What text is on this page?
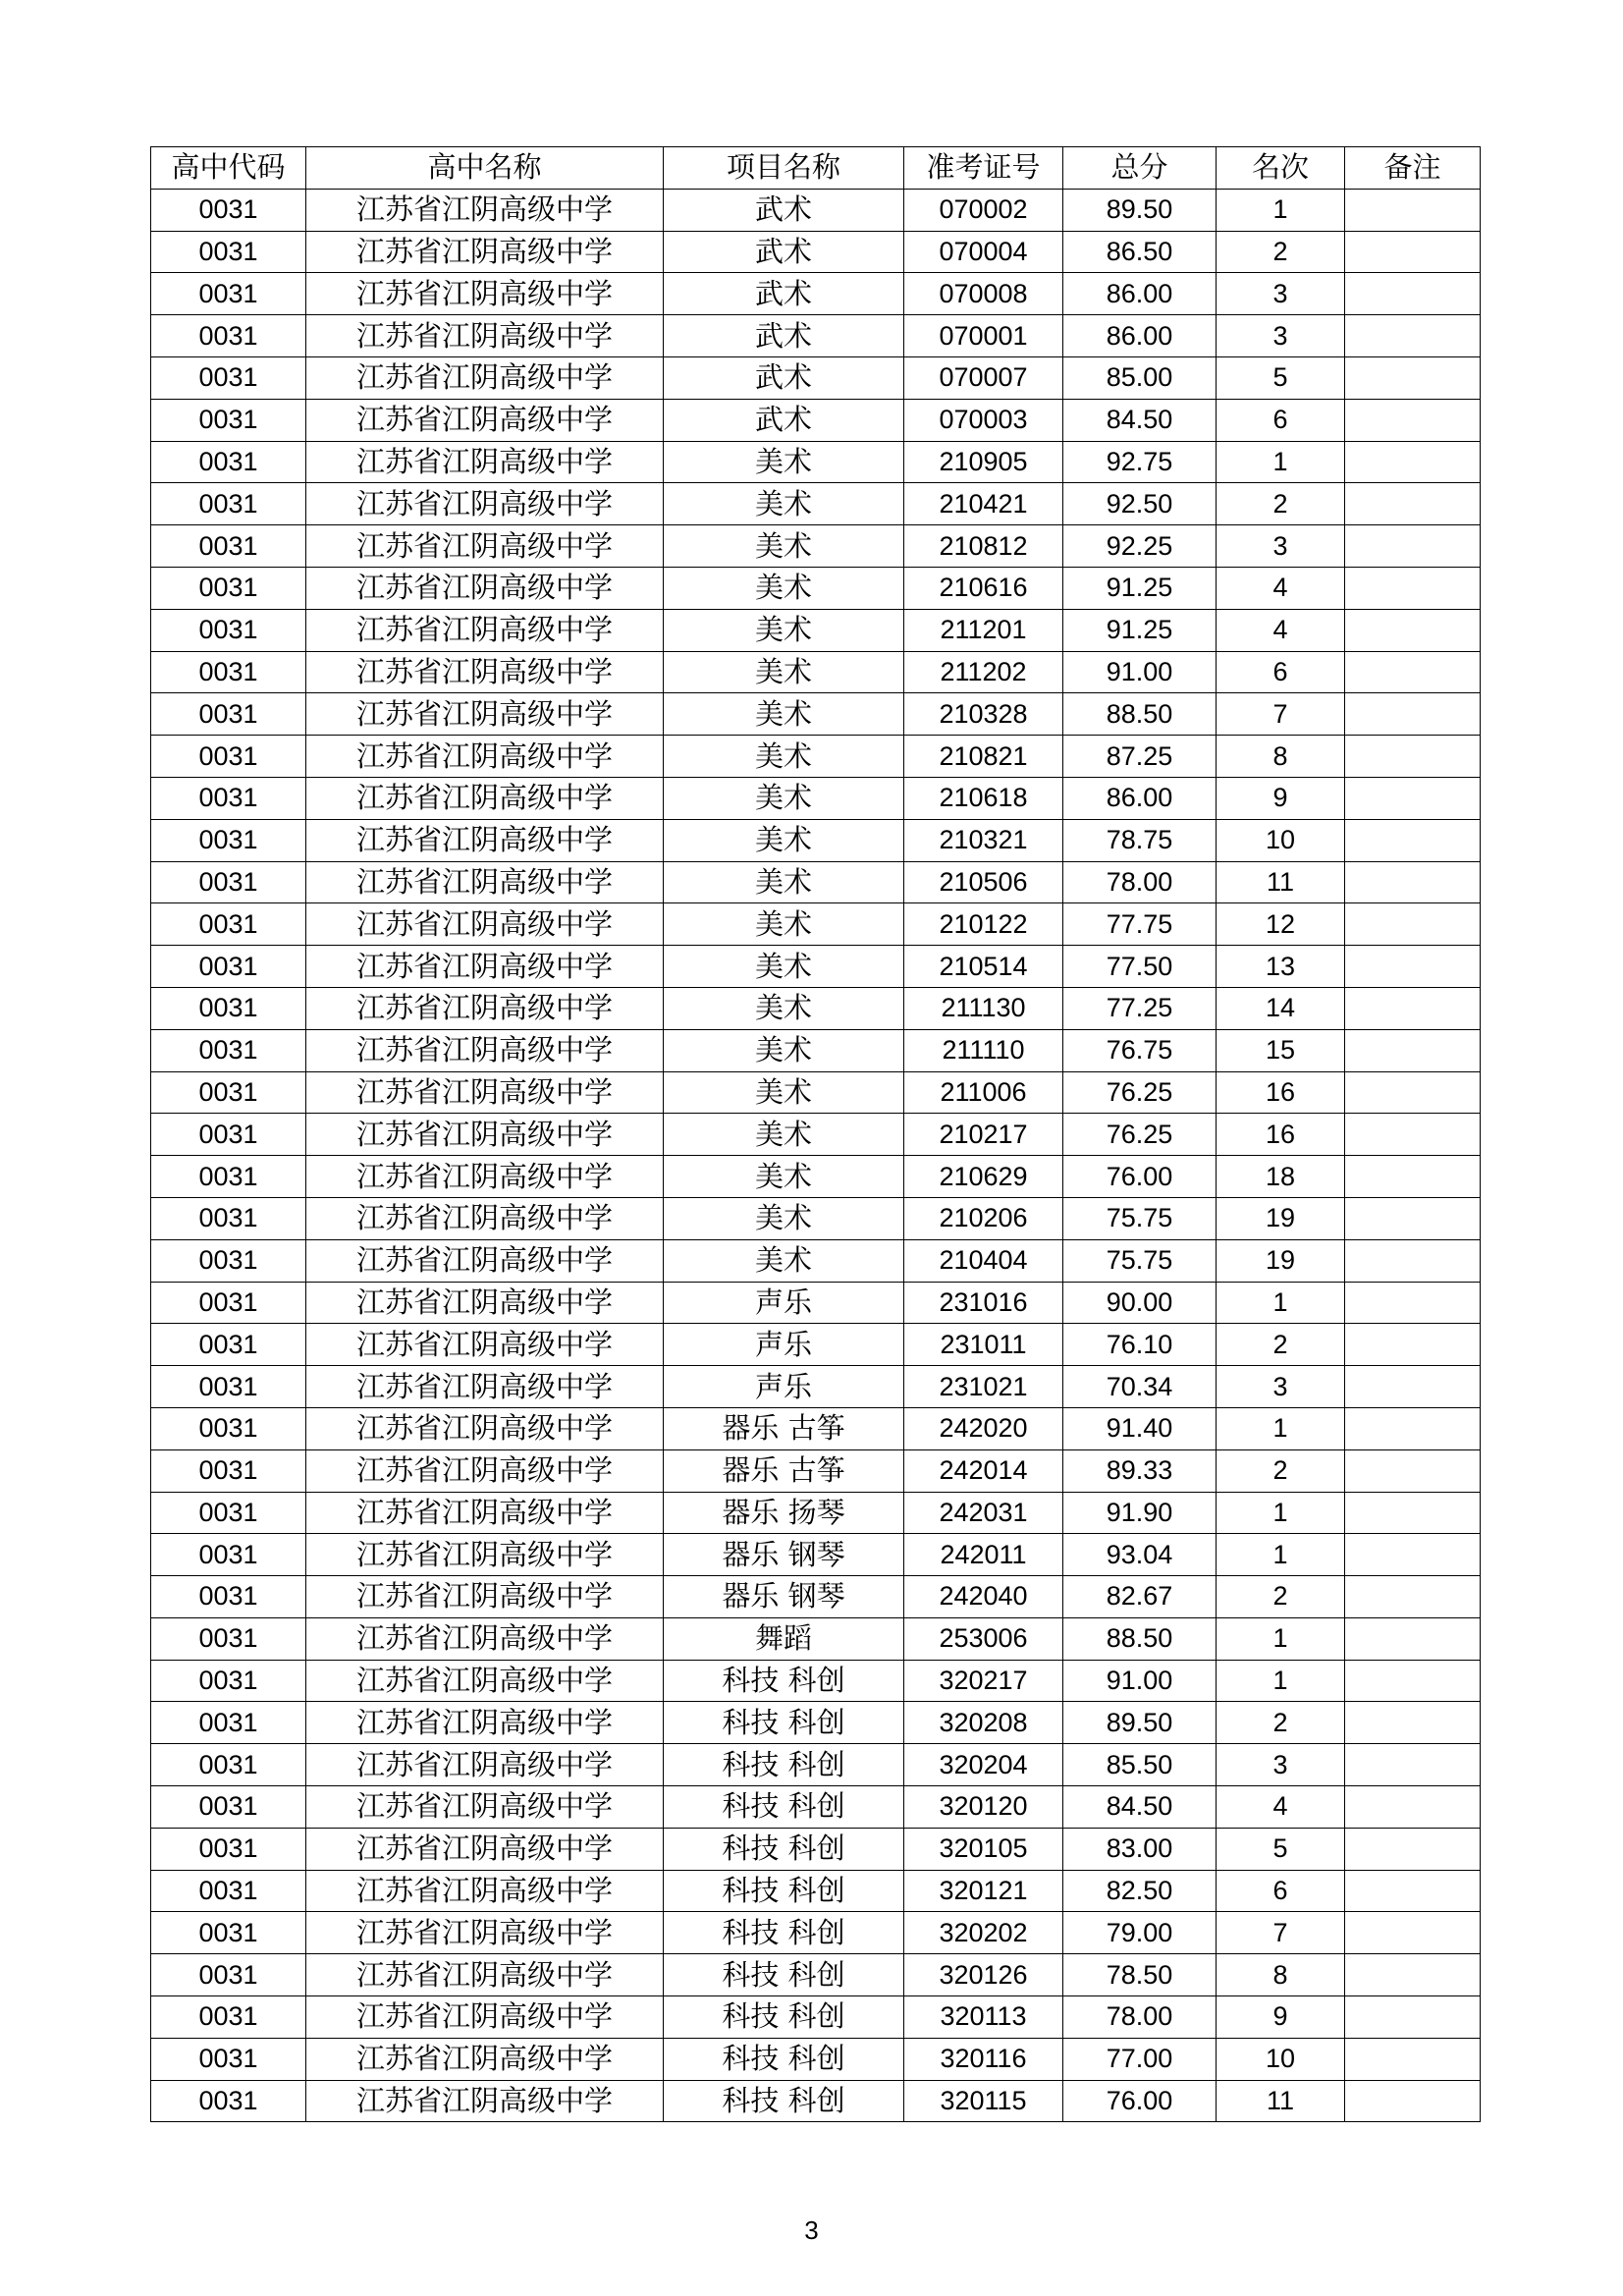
高中代码	高中名称	项目名称	准考证号	总分	名次	备注
0031	江苏省江阴高级中学	武术	070002	89.50	1	
0031	江苏省江阴高级中学	武术	070004	86.50	2	
0031	江苏省江阴高级中学	武术	070008	86.00	3	
0031	江苏省江阴高级中学	武术	070001	86.00	3	
0031	江苏省江阴高级中学	武术	070007	85.00	5	
0031	江苏省江阴高级中学	武术	070003	84.50	6	
0031	江苏省江阴高级中学	美术	210905	92.75	1	
0031	江苏省江阴高级中学	美术	210421	92.50	2	
0031	江苏省江阴高级中学	美术	210812	92.25	3	
0031	江苏省江阴高级中学	美术	210616	91.25	4	
0031	江苏省江阴高级中学	美术	211201	91.25	4	
0031	江苏省江阴高级中学	美术	211202	91.00	6	
0031	江苏省江阴高级中学	美术	210328	88.50	7	
0031	江苏省江阴高级中学	美术	210821	87.25	8	
0031	江苏省江阴高级中学	美术	210618	86.00	9	
0031	江苏省江阴高级中学	美术	210321	78.75	10	
0031	江苏省江阴高级中学	美术	210506	78.00	11	
0031	江苏省江阴高级中学	美术	210122	77.75	12	
0031	江苏省江阴高级中学	美术	210514	77.50	13	
0031	江苏省江阴高级中学	美术	211130	77.25	14	
0031	江苏省江阴高级中学	美术	211110	76.75	15	
0031	江苏省江阴高级中学	美术	211006	76.25	16	
0031	江苏省江阴高级中学	美术	210217	76.25	16	
0031	江苏省江阴高级中学	美术	210629	76.00	18	
0031	江苏省江阴高级中学	美术	210206	75.75	19	
0031	江苏省江阴高级中学	美术	210404	75.75	19	
0031	江苏省江阴高级中学	声乐	231016	90.00	1	
0031	江苏省江阴高级中学	声乐	231011	76.10	2	
0031	江苏省江阴高级中学	声乐	231021	70.34	3	
0031	江苏省江阴高级中学	器乐 古筝	242020	91.40	1	
0031	江苏省江阴高级中学	器乐 古筝	242014	89.33	2	
0031	江苏省江阴高级中学	器乐 扬琴	242031	91.90	1	
0031	江苏省江阴高级中学	器乐 钢琴	242011	93.04	1	
0031	江苏省江阴高级中学	器乐 钢琴	242040	82.67	2	
0031	江苏省江阴高级中学	舞蹈	253006	88.50	1	
0031	江苏省江阴高级中学	科技 科创	320217	91.00	1	
0031	江苏省江阴高级中学	科技 科创	320208	89.50	2	
0031	江苏省江阴高级中学	科技 科创	320204	85.50	3	
0031	江苏省江阴高级中学	科技 科创	320120	84.50	4	
0031	江苏省江阴高级中学	科技 科创	320105	83.00	5	
0031	江苏省江阴高级中学	科技 科创	320121	82.50	6	
0031	江苏省江阴高级中学	科技 科创	320202	79.00	7	
0031	江苏省江阴高级中学	科技 科创	320126	78.50	8	
0031	江苏省江阴高级中学	科技 科创	320113	78.00	9	
0031	江苏省江阴高级中学	科技 科创	320116	77.00	10	
0031	江苏省江阴高级中学	科技 科创	320115	76.00	11	
3
